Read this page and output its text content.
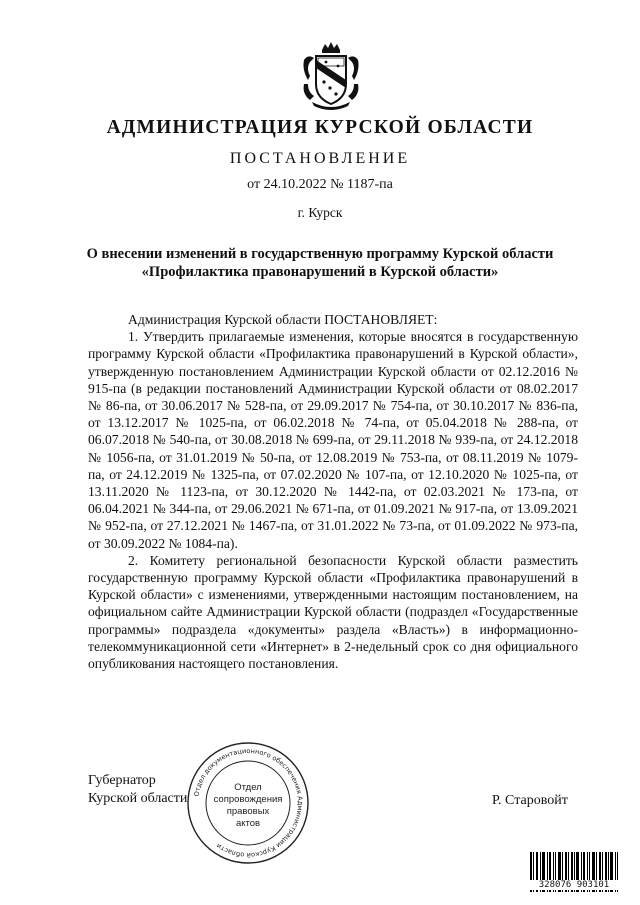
АДМИНИСТРАЦИЯ КУРСКОЙ ОБЛАСТИ
ПОСТАНОВЛЕНИЕ
от 24.10.2022 № 1187-па
г. Курск
О внесении изменений в государственную программу Курской области
«Профилактика правонарушений в Курской области»

Администрация Курской области ПОСТАНОВЛЯЕТ:

1. Утвердить прилагаемые изменения, которые вносятся в государственную программу Курской области «Профилактика правонарушений в Курской области», утвержденную постановлением Администрации Курской области от 02.12.2016 № 915-па (в редакции постановлений Администрации Курской области от 08.02.2017 № 86-па, от 30.06.2017 № 528-па, от 29.09.2017 № 754-па, от 30.10.2017 № 836-па, от 13.12.2017 № 1025-па, от 06.02.2018 № 74-па, от 05.04.2018 № 288-па, от 06.07.2018 № 540-па, от 30.08.2018 № 699-па, от 29.11.2018 № 939-па, от 24.12.2018 № 1056-па, от 31.01.2019 № 50-па, от 12.08.2019 № 753-па, от 08.11.2019 № 1079-па, от 24.12.2019 № 1325-па, от 07.02.2020 № 107-па, от 12.10.2020 № 1025-па, от 13.11.2020 № 1123-па, от 30.12.2020 № 1442-па, от 02.03.2021 № 173-па, от 06.04.2021 № 344-па, от 29.06.2021 № 671-па, от 01.09.2021 № 917-па, от 13.09.2021 № 952-па, от 27.12.2021 № 1467-па, от 31.01.2022 № 73-па, от 01.09.2022 № 973-па, от 30.09.2022 № 1084-па).

2. Комитету региональной безопасности Курской области разместить государственную программу Курской области «Профилактика правонарушений в Курской области» с изменениями, утвержденными настоящим постановлением, на официальном сайте Администрации Курской области (подраздел «Государственные программы» подраздела «документы» раздела «Власть») в информационно-телекоммуникационной сети «Интернет» в 2-недельный срок со дня официального опубликования настоящего постановления.

Губернатор
Курской области	Р. Старовойт
Отдел документационного обеспечения Администрации Курской области
Отдел
сопровождения
правовых
актов
328076 903101
